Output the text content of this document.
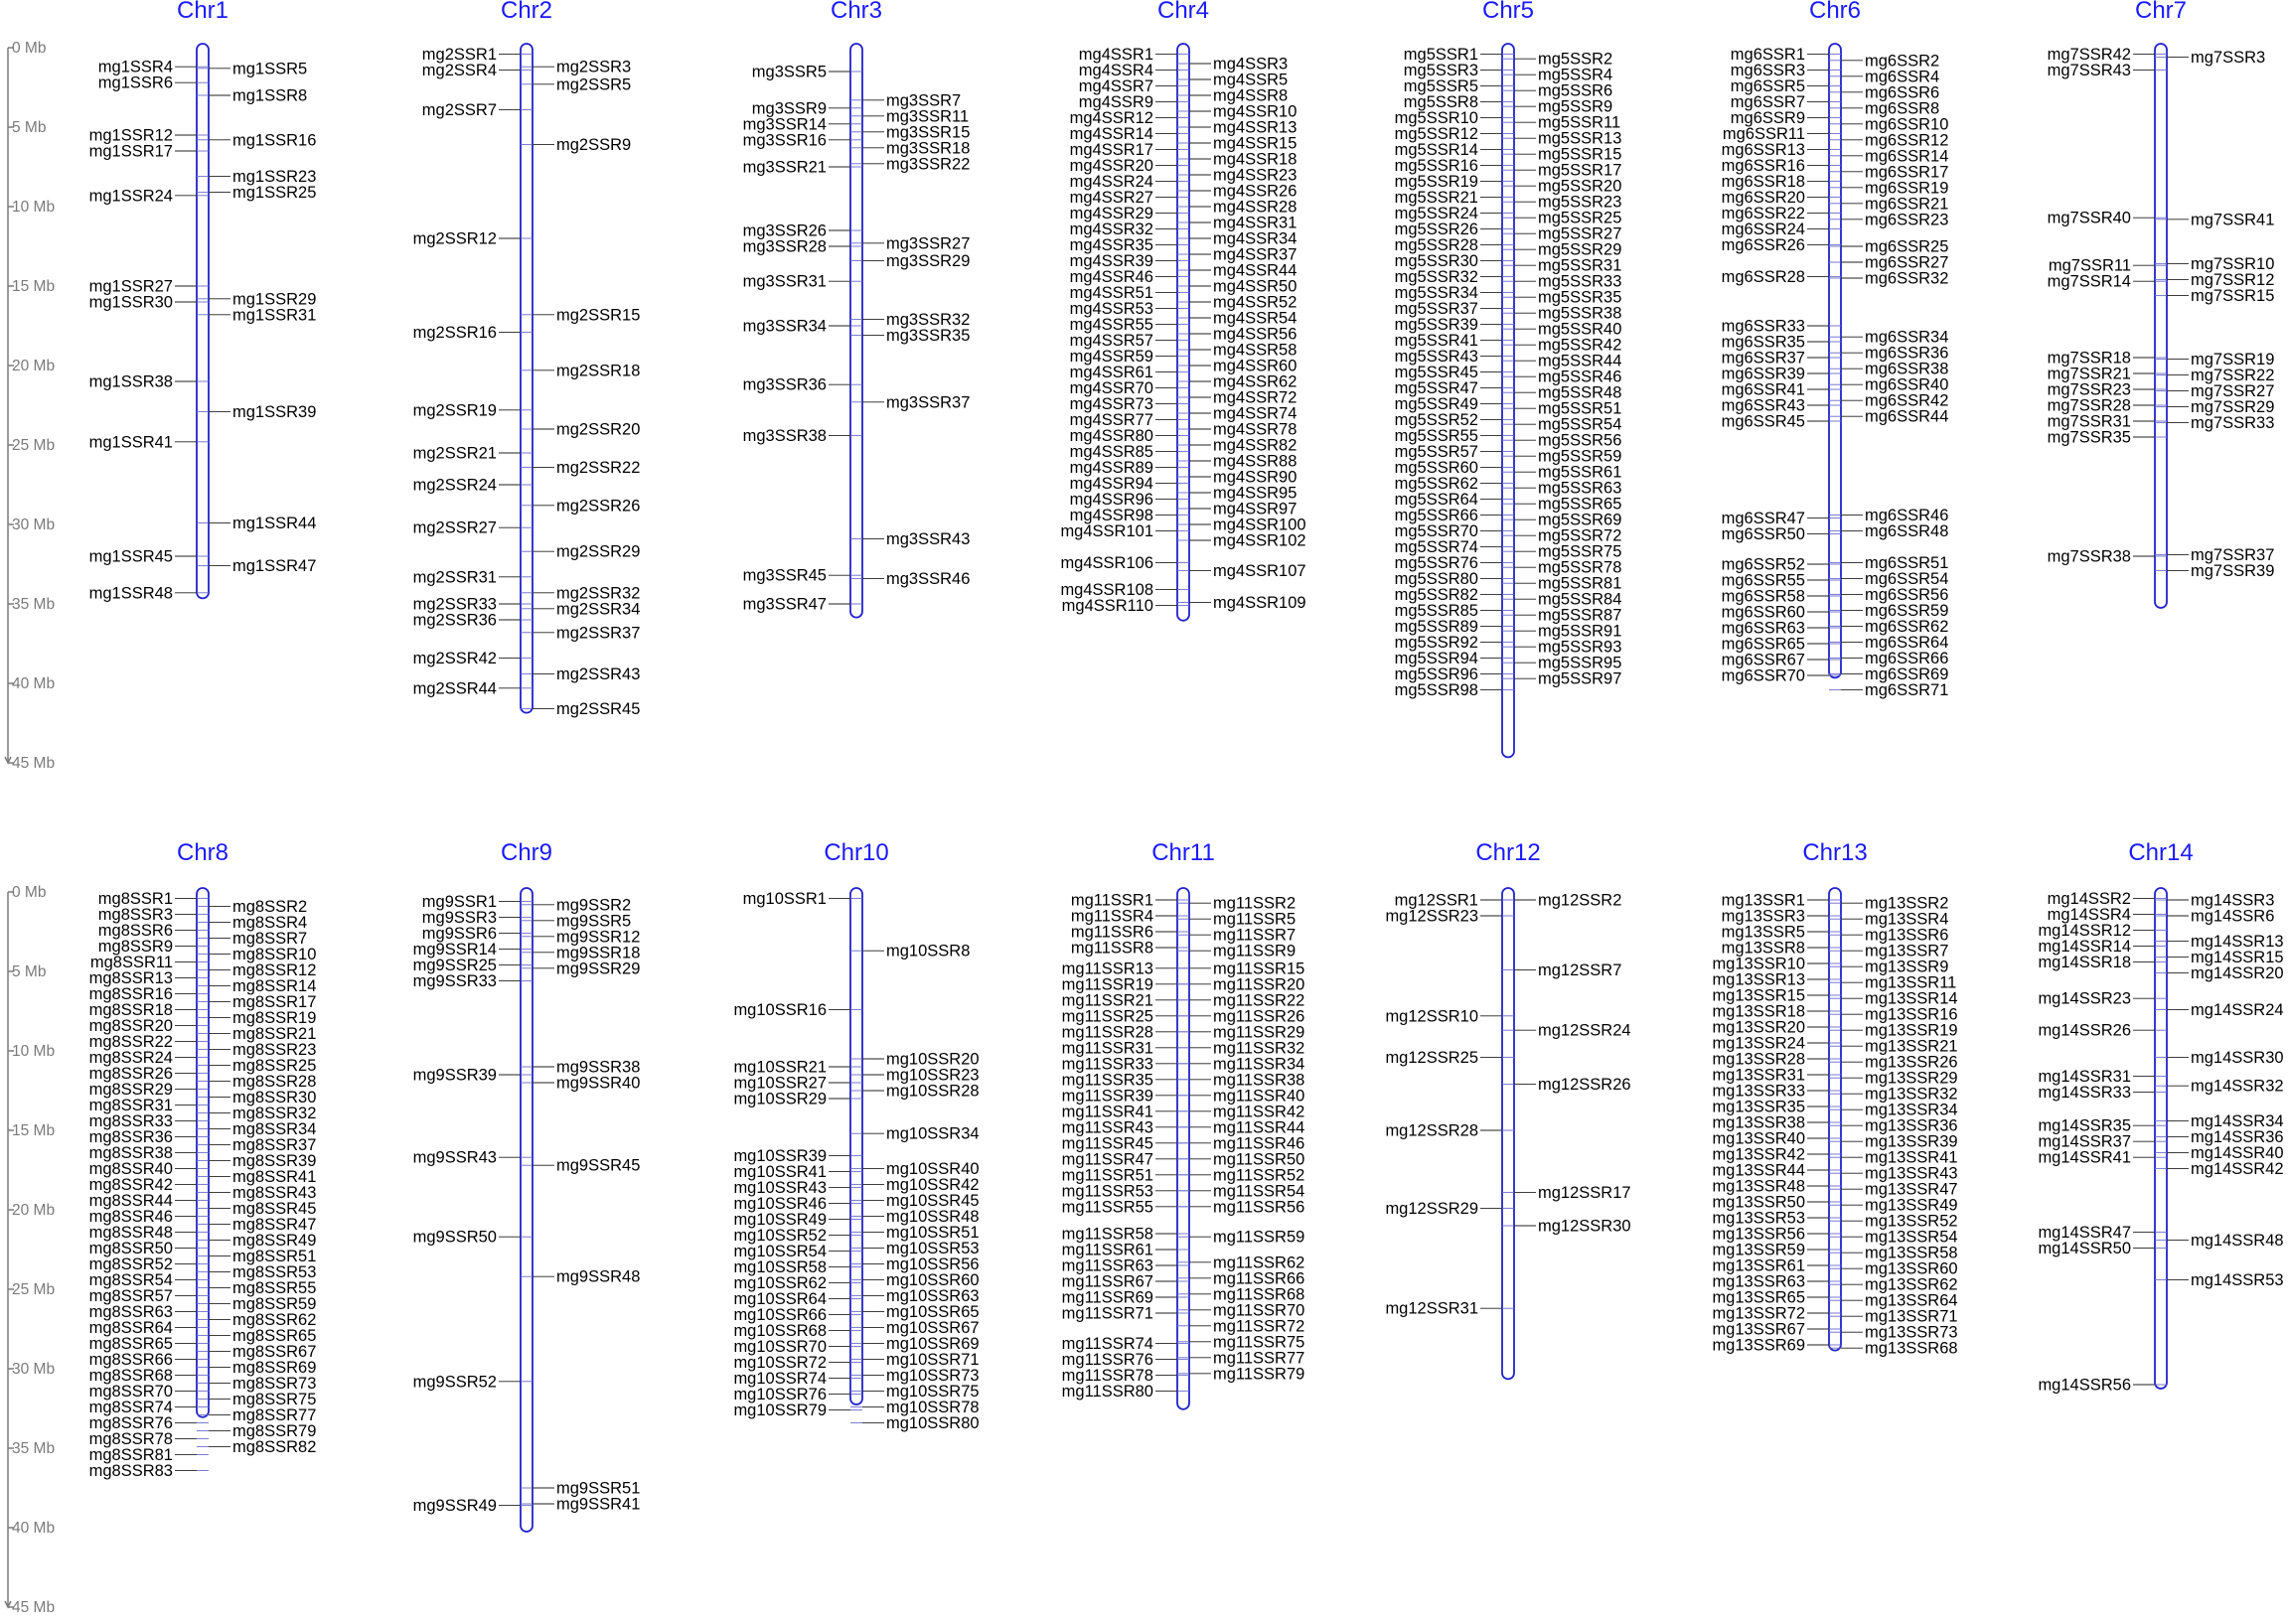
0 Mb
5 Mb
10 Mb
15 Mb
20 Mb
25 Mb
30 Mb
35 Mb
40 Mb
45 Mb
0 Mb
5 Mb
10 Mb
15 Mb
20 Mb
25 Mb
30 Mb
35 Mb
40 Mb
45 Mb
Chr1
mg1SSR4
mg1SSR6
mg1SSR12
mg1SSR17
mg1SSR24
mg1SSR27
mg1SSR30
mg1SSR38
mg1SSR41
mg1SSR45
mg1SSR48
mg1SSR5
mg1SSR8
mg1SSR16
mg1SSR23
mg1SSR25
mg1SSR29
mg1SSR31
mg1SSR39
mg1SSR44
mg1SSR47
Chr2
mg2SSR1
mg2SSR4
mg2SSR7
mg2SSR12
mg2SSR16
mg2SSR19
mg2SSR21
mg2SSR24
mg2SSR27
mg2SSR31
mg2SSR33
mg2SSR36
mg2SSR42
mg2SSR44
mg2SSR3
mg2SSR5
mg2SSR9
mg2SSR15
mg2SSR18
mg2SSR20
mg2SSR22
mg2SSR26
mg2SSR29
mg2SSR32
mg2SSR34
mg2SSR37
mg2SSR43
mg2SSR45
Chr3
mg3SSR5
mg3SSR9
mg3SSR14
mg3SSR16
mg3SSR21
mg3SSR26
mg3SSR28
mg3SSR31
mg3SSR34
mg3SSR36
mg3SSR38
mg3SSR45
mg3SSR47
mg3SSR7
mg3SSR11
mg3SSR15
mg3SSR18
mg3SSR22
mg3SSR27
mg3SSR29
mg3SSR32
mg3SSR35
mg3SSR37
mg3SSR43
mg3SSR46
Chr4
mg4SSR1
mg4SSR4
mg4SSR7
mg4SSR9
mg4SSR12
mg4SSR14
mg4SSR17
mg4SSR20
mg4SSR24
mg4SSR27
mg4SSR29
mg4SSR32
mg4SSR35
mg4SSR39
mg4SSR46
mg4SSR51
mg4SSR53
mg4SSR55
mg4SSR57
mg4SSR59
mg4SSR61
mg4SSR70
mg4SSR73
mg4SSR77
mg4SSR80
mg4SSR85
mg4SSR89
mg4SSR94
mg4SSR96
mg4SSR98
mg4SSR101
mg4SSR106
mg4SSR108
mg4SSR110
mg4SSR3
mg4SSR5
mg4SSR8
mg4SSR10
mg4SSR13
mg4SSR15
mg4SSR18
mg4SSR23
mg4SSR26
mg4SSR28
mg4SSR31
mg4SSR34
mg4SSR37
mg4SSR44
mg4SSR50
mg4SSR52
mg4SSR54
mg4SSR56
mg4SSR58
mg4SSR60
mg4SSR62
mg4SSR72
mg4SSR74
mg4SSR78
mg4SSR82
mg4SSR88
mg4SSR90
mg4SSR95
mg4SSR97
mg4SSR100
mg4SSR102
mg4SSR107
mg4SSR109
Chr5
mg5SSR1
mg5SSR3
mg5SSR5
mg5SSR8
mg5SSR10
mg5SSR12
mg5SSR14
mg5SSR16
mg5SSR19
mg5SSR21
mg5SSR24
mg5SSR26
mg5SSR28
mg5SSR30
mg5SSR32
mg5SSR34
mg5SSR37
mg5SSR39
mg5SSR41
mg5SSR43
mg5SSR45
mg5SSR47
mg5SSR49
mg5SSR52
mg5SSR55
mg5SSR57
mg5SSR60
mg5SSR62
mg5SSR64
mg5SSR66
mg5SSR70
mg5SSR74
mg5SSR76
mg5SSR80
mg5SSR82
mg5SSR85
mg5SSR89
mg5SSR92
mg5SSR94
mg5SSR96
mg5SSR98
mg5SSR2
mg5SSR4
mg5SSR6
mg5SSR9
mg5SSR11
mg5SSR13
mg5SSR15
mg5SSR17
mg5SSR20
mg5SSR23
mg5SSR25
mg5SSR27
mg5SSR29
mg5SSR31
mg5SSR33
mg5SSR35
mg5SSR38
mg5SSR40
mg5SSR42
mg5SSR44
mg5SSR46
mg5SSR48
mg5SSR51
mg5SSR54
mg5SSR56
mg5SSR59
mg5SSR61
mg5SSR63
mg5SSR65
mg5SSR69
mg5SSR72
mg5SSR75
mg5SSR78
mg5SSR81
mg5SSR84
mg5SSR87
mg5SSR91
mg5SSR93
mg5SSR95
mg5SSR97
Chr6
mg6SSR1
mg6SSR3
mg6SSR5
mg6SSR7
mg6SSR9
mg6SSR11
mg6SSR13
mg6SSR16
mg6SSR18
mg6SSR20
mg6SSR22
mg6SSR24
mg6SSR26
mg6SSR28
mg6SSR33
mg6SSR35
mg6SSR37
mg6SSR39
mg6SSR41
mg6SSR43
mg6SSR45
mg6SSR47
mg6SSR50
mg6SSR52
mg6SSR55
mg6SSR58
mg6SSR60
mg6SSR63
mg6SSR65
mg6SSR67
mg6SSR70
mg6SSR2
mg6SSR4
mg6SSR6
mg6SSR8
mg6SSR10
mg6SSR12
mg6SSR14
mg6SSR17
mg6SSR19
mg6SSR21
mg6SSR23
mg6SSR25
mg6SSR27
mg6SSR32
mg6SSR34
mg6SSR36
mg6SSR38
mg6SSR40
mg6SSR42
mg6SSR44
mg6SSR46
mg6SSR48
mg6SSR51
mg6SSR54
mg6SSR56
mg6SSR59
mg6SSR62
mg6SSR64
mg6SSR66
mg6SSR69
mg6SSR71
Chr7
mg7SSR42
mg7SSR43
mg7SSR40
mg7SSR11
mg7SSR14
mg7SSR18
mg7SSR21
mg7SSR23
mg7SSR28
mg7SSR31
mg7SSR35
mg7SSR38
mg7SSR3
mg7SSR41
mg7SSR10
mg7SSR12
mg7SSR15
mg7SSR19
mg7SSR22
mg7SSR27
mg7SSR29
mg7SSR33
mg7SSR37
mg7SSR39
Chr8
mg8SSR1
mg8SSR3
mg8SSR6
mg8SSR9
mg8SSR11
mg8SSR13
mg8SSR16
mg8SSR18
mg8SSR20
mg8SSR22
mg8SSR24
mg8SSR26
mg8SSR29
mg8SSR31
mg8SSR33
mg8SSR36
mg8SSR38
mg8SSR40
mg8SSR42
mg8SSR44
mg8SSR46
mg8SSR48
mg8SSR50
mg8SSR52
mg8SSR54
mg8SSR57
mg8SSR63
mg8SSR64
mg8SSR65
mg8SSR66
mg8SSR68
mg8SSR70
mg8SSR74
mg8SSR76
mg8SSR78
mg8SSR81
mg8SSR83
mg8SSR2
mg8SSR4
mg8SSR7
mg8SSR10
mg8SSR12
mg8SSR14
mg8SSR17
mg8SSR19
mg8SSR21
mg8SSR23
mg8SSR25
mg8SSR28
mg8SSR30
mg8SSR32
mg8SSR34
mg8SSR37
mg8SSR39
mg8SSR41
mg8SSR43
mg8SSR45
mg8SSR47
mg8SSR49
mg8SSR51
mg8SSR53
mg8SSR55
mg8SSR59
mg8SSR62
mg8SSR65
mg8SSR67
mg8SSR69
mg8SSR73
mg8SSR75
mg8SSR77
mg8SSR79
mg8SSR82
Chr9
mg9SSR1
mg9SSR3
mg9SSR6
mg9SSR14
mg9SSR25
mg9SSR33
mg9SSR39
mg9SSR43
mg9SSR50
mg9SSR52
mg9SSR49
mg9SSR2
mg9SSR5
mg9SSR12
mg9SSR18
mg9SSR29
mg9SSR38
mg9SSR40
mg9SSR45
mg9SSR48
mg9SSR51
mg9SSR41
Chr10
mg10SSR1
mg10SSR16
mg10SSR21
mg10SSR27
mg10SSR29
mg10SSR39
mg10SSR41
mg10SSR43
mg10SSR46
mg10SSR49
mg10SSR52
mg10SSR54
mg10SSR58
mg10SSR62
mg10SSR64
mg10SSR66
mg10SSR68
mg10SSR70
mg10SSR72
mg10SSR74
mg10SSR76
mg10SSR79
mg10SSR8
mg10SSR20
mg10SSR23
mg10SSR28
mg10SSR34
mg10SSR40
mg10SSR42
mg10SSR45
mg10SSR48
mg10SSR51
mg10SSR53
mg10SSR56
mg10SSR60
mg10SSR63
mg10SSR65
mg10SSR67
mg10SSR69
mg10SSR71
mg10SSR73
mg10SSR75
mg10SSR78
mg10SSR80
Chr11
mg11SSR1
mg11SSR4
mg11SSR6
mg11SSR8
mg11SSR13
mg11SSR19
mg11SSR21
mg11SSR25
mg11SSR28
mg11SSR31
mg11SSR33
mg11SSR35
mg11SSR39
mg11SSR41
mg11SSR43
mg11SSR45
mg11SSR47
mg11SSR51
mg11SSR53
mg11SSR55
mg11SSR58
mg11SSR61
mg11SSR63
mg11SSR67
mg11SSR69
mg11SSR71
mg11SSR74
mg11SSR76
mg11SSR78
mg11SSR80
mg11SSR2
mg11SSR5
mg11SSR7
mg11SSR9
mg11SSR15
mg11SSR20
mg11SSR22
mg11SSR26
mg11SSR29
mg11SSR32
mg11SSR34
mg11SSR38
mg11SSR40
mg11SSR42
mg11SSR44
mg11SSR46
mg11SSR50
mg11SSR52
mg11SSR54
mg11SSR56
mg11SSR59
mg11SSR62
mg11SSR66
mg11SSR68
mg11SSR70
mg11SSR72
mg11SSR75
mg11SSR77
mg11SSR79
Chr12
mg12SSR1
mg12SSR23
mg12SSR10
mg12SSR25
mg12SSR28
mg12SSR29
mg12SSR31
mg12SSR2
mg12SSR7
mg12SSR24
mg12SSR26
mg12SSR17
mg12SSR30
Chr13
mg13SSR1
mg13SSR3
mg13SSR5
mg13SSR8
mg13SSR10
mg13SSR13
mg13SSR15
mg13SSR18
mg13SSR20
mg13SSR24
mg13SSR28
mg13SSR31
mg13SSR33
mg13SSR35
mg13SSR38
mg13SSR40
mg13SSR42
mg13SSR44
mg13SSR48
mg13SSR50
mg13SSR53
mg13SSR56
mg13SSR59
mg13SSR61
mg13SSR63
mg13SSR65
mg13SSR72
mg13SSR67
mg13SSR69
mg13SSR2
mg13SSR4
mg13SSR6
mg13SSR7
mg13SSR9
mg13SSR11
mg13SSR14
mg13SSR16
mg13SSR19
mg13SSR21
mg13SSR26
mg13SSR29
mg13SSR32
mg13SSR34
mg13SSR36
mg13SSR39
mg13SSR41
mg13SSR43
mg13SSR47
mg13SSR49
mg13SSR52
mg13SSR54
mg13SSR58
mg13SSR60
mg13SSR62
mg13SSR64
mg13SSR71
mg13SSR73
mg13SSR68
Chr14
mg14SSR2
mg14SSR4
mg14SSR12
mg14SSR14
mg14SSR18
mg14SSR23
mg14SSR26
mg14SSR31
mg14SSR33
mg14SSR35
mg14SSR37
mg14SSR41
mg14SSR47
mg14SSR50
mg14SSR56
mg14SSR3
mg14SSR6
mg14SSR13
mg14SSR15
mg14SSR20
mg14SSR24
mg14SSR30
mg14SSR32
mg14SSR34
mg14SSR36
mg14SSR40
mg14SSR42
mg14SSR48
mg14SSR53
